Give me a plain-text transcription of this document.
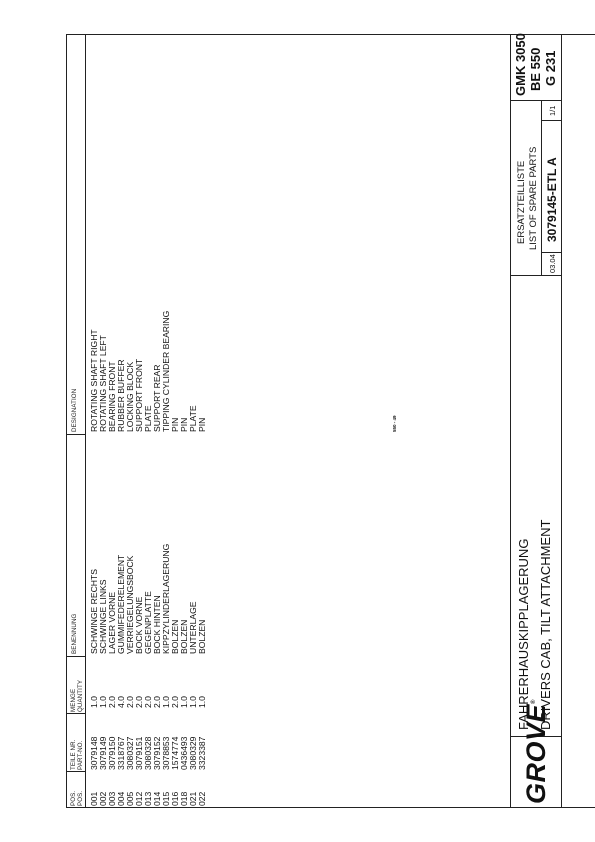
POS. POS.
TEILE NR. PART-NO.
MENGE QUANTITY
BENENNUNG
DESIGNATION
001
3079148
1.0
SCHWINGE RECHTS
ROTATING SHAFT RIGHT
002
3079149
1.0
SCHWINGE LINKS
ROTATING SHAFT LEFT
003
3079150
2.0
LAGER VORNE
BEARING FRONT
004
3318767
4.0
GUMMIFEDERELEMENT
RUBBER BUFFER
005
3080327
2.0
VERRIEGELUNGSBOCK
LOCKING BLOCK
012
3079151
2.0
BOCK VORNE
SUPPORT FRONT
013
3080328
2.0
GEGENPLATTE
PLATE
014
3079152
2.0
BOCK HINTEN
SUPPORT REAR
015
3078853
1.0
KIPPZYLINDERLAGERUNG
TIPPING CYLINDER BEARING
016
1574774
2.0
BOLZEN
PIN
018
0436493
1.0
BOLZEN
PIN
021
3080329
1.0
UNTERLAGE
PLATE
022
3323387
1.0
BOLZEN
PIN	550 - 49
GROVE®
FAHRERHAUSKIPPLAGERUNG DRIVERS CAB, TILT ATTACHMENT
ERSATZTEILLISTE LIST OF SPARE PARTS
03.04
3079145-ETL A
1/1
GMK 3050 BE 550 G 231
